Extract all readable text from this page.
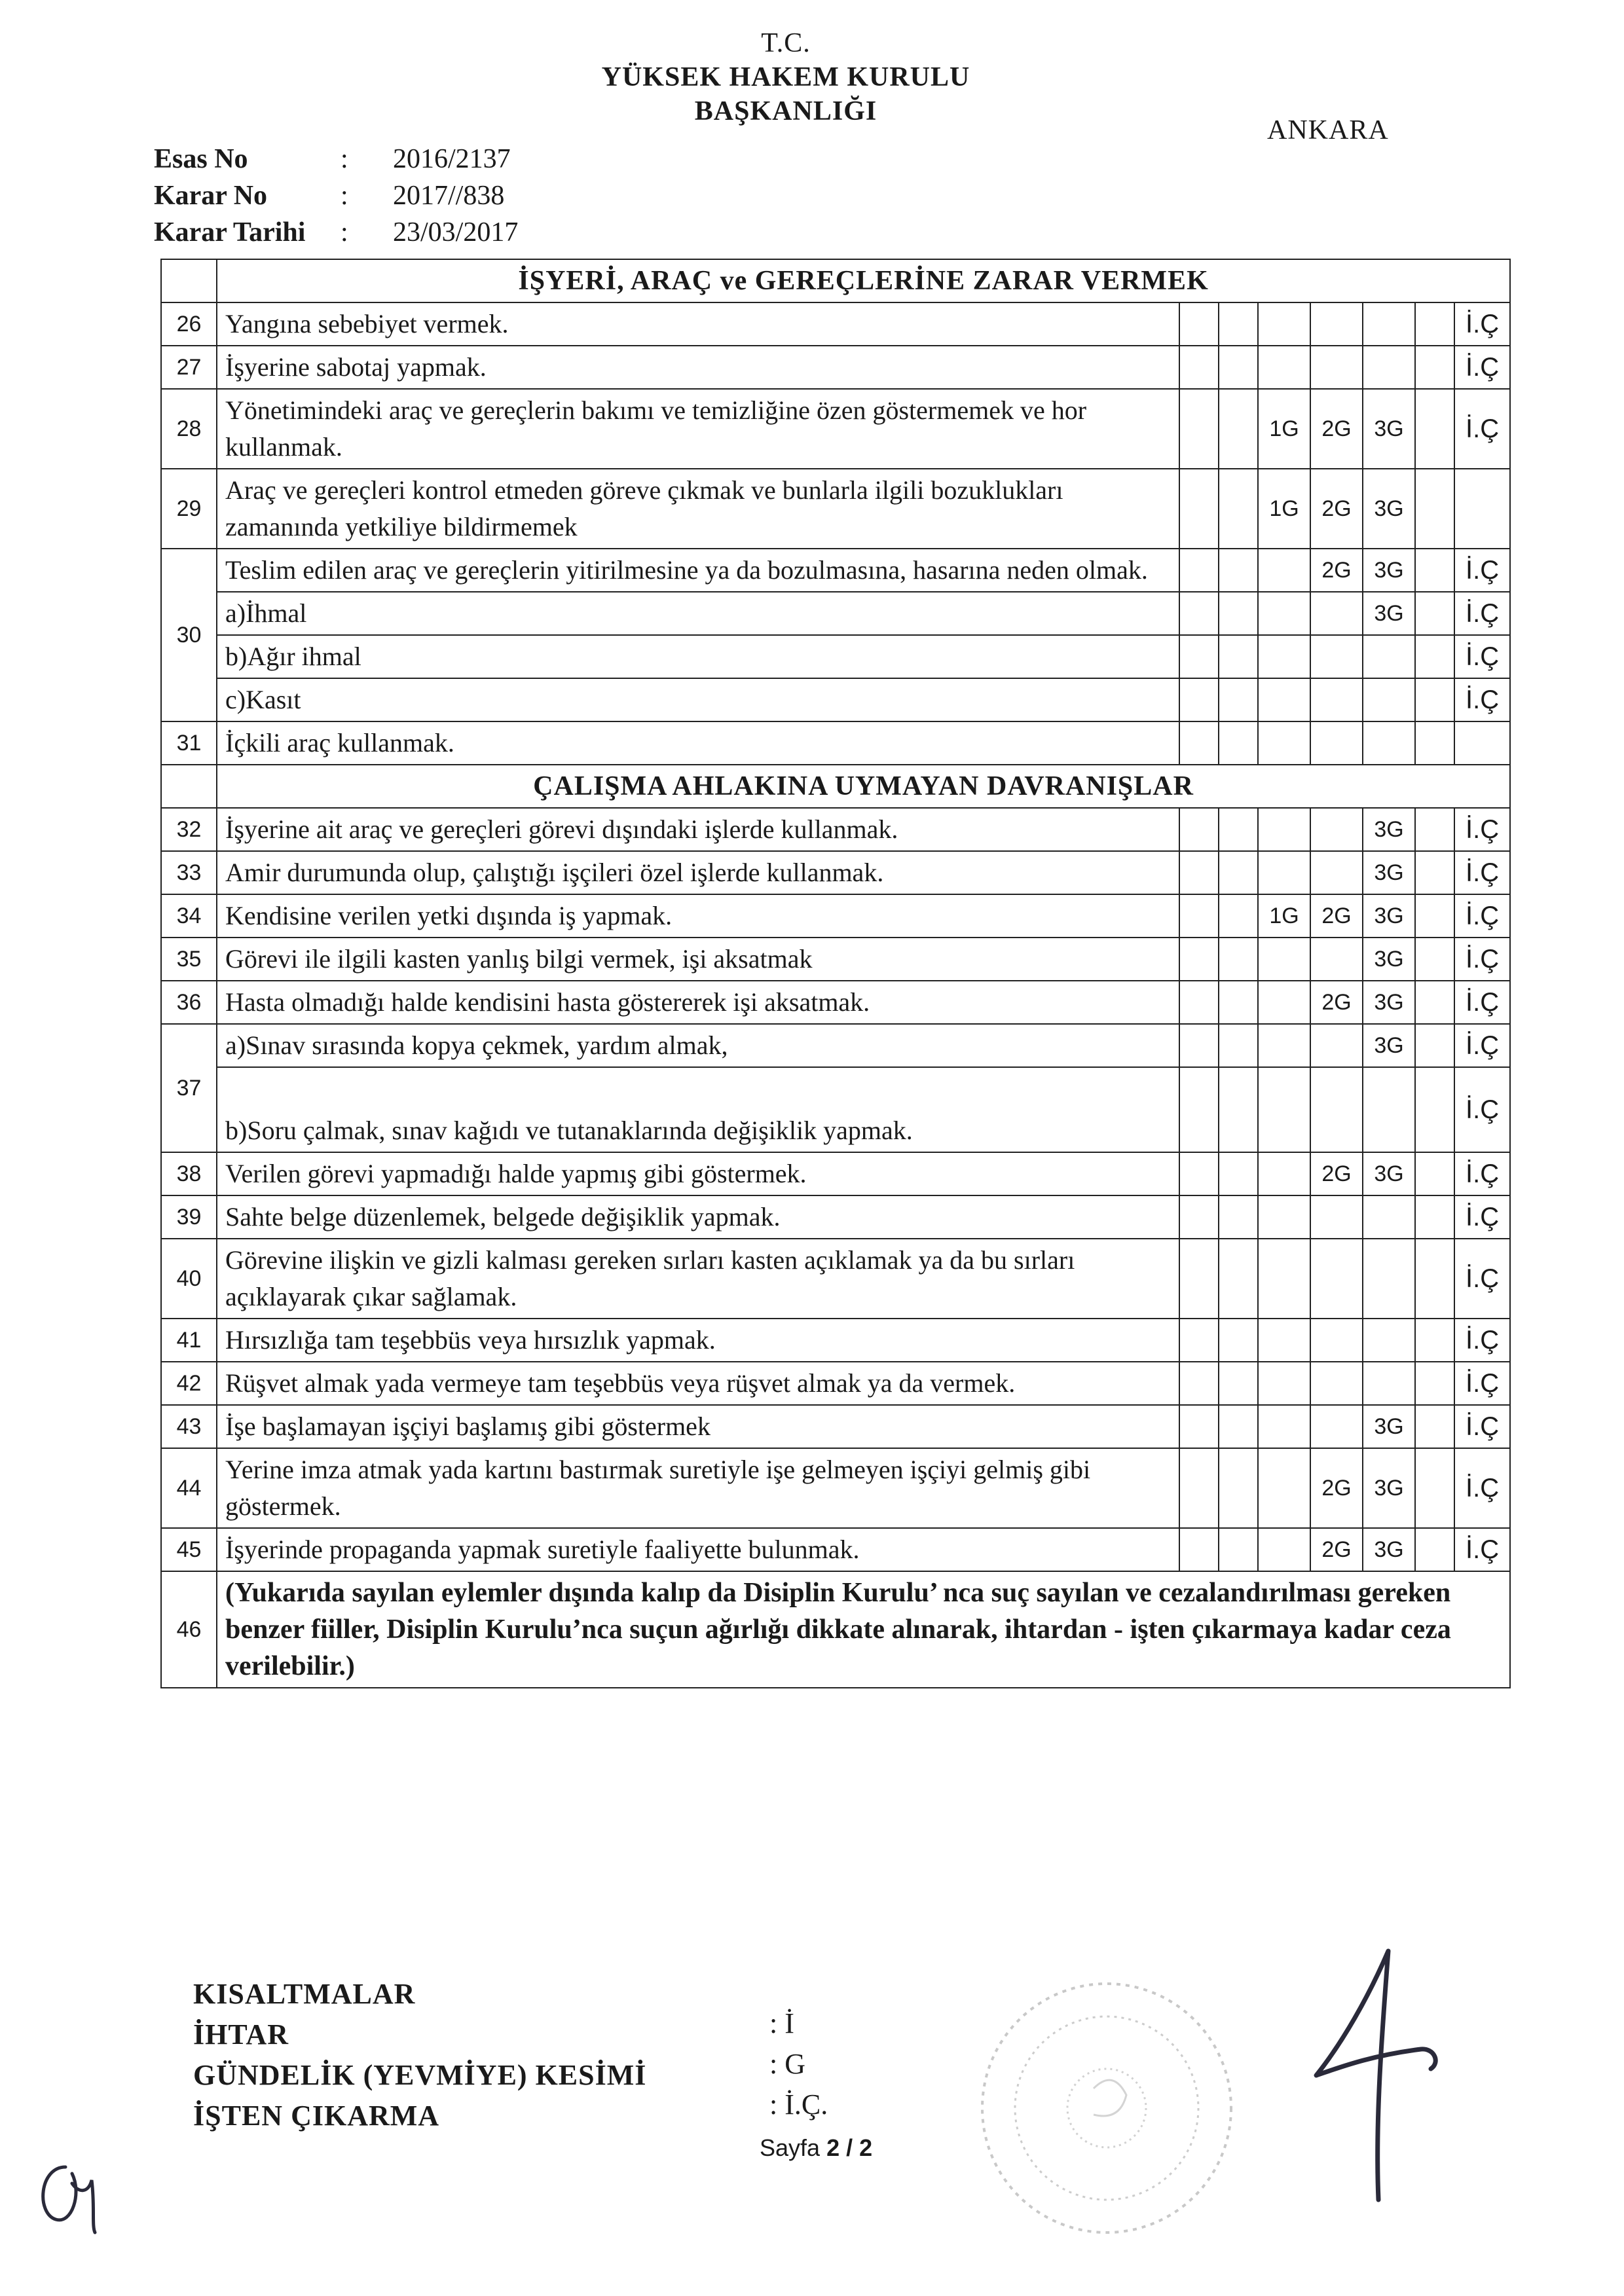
T.C.
YÜKSEK HAKEM KURULU
BAŞKANLIĞI
ANKARA
Esas No	:	2016/2137
Karar No	:	2017//838
Karar Tarihi	:	23/03/2017
	İŞYERİ, ARAÇ ve GEREÇLERİNE ZARAR VERMEK							
26	Yangına sebebiyet vermek.							İ.Ç
27	İşyerine sabotaj yapmak.							İ.Ç
28	Yönetimindeki araç ve gereçlerin bakımı ve temizliğine özen göstermemek ve hor kullanmak.			1G	2G	3G		İ.Ç
29	Araç ve gereçleri kontrol etmeden göreve çıkmak ve bunlarla ilgili bozuklukları zamanında yetkiliye bildirmemek			1G	2G	3G		
30	Teslim edilen araç ve gereçlerin yitirilmesine ya da bozulmasına, hasarına neden olmak.				2G	3G		İ.Ç
	a)İhmal					3G		İ.Ç
	b)Ağır ihmal							İ.Ç
	c)Kasıt							İ.Ç
31	İçkili araç kullanmak.							
	ÇALIŞMA AHLAKINA UYMAYAN DAVRANIŞLAR							
32	İşyerine ait araç ve gereçleri görevi dışındaki işlerde kullanmak.					3G		İ.Ç
33	Amir durumunda olup, çalıştığı işçileri özel işlerde kullanmak.					3G		İ.Ç
34	Kendisine verilen yetki dışında iş yapmak.			1G	2G	3G		İ.Ç
35	Görevi ile ilgili kasten yanlış bilgi vermek, işi aksatmak					3G		İ.Ç
36	Hasta olmadığı halde kendisini hasta göstererek işi aksatmak.				2G	3G		İ.Ç
37	a)Sınav sırasında kopya çekmek, yardım almak,					3G		İ.Ç
	b)Soru çalmak, sınav kağıdı ve tutanaklarında değişiklik yapmak.							İ.Ç
38	Verilen görevi yapmadığı halde yapmış gibi göstermek.				2G	3G		İ.Ç
39	Sahte belge düzenlemek, belgede değişiklik yapmak.							İ.Ç
40	Görevine ilişkin ve gizli kalması gereken sırları kasten açıklamak ya da bu sırları açıklayarak çıkar sağlamak.							İ.Ç
41	Hırsızlığa tam teşebbüs veya hırsızlık yapmak.							İ.Ç
42	Rüşvet almak yada vermeye tam teşebbüs veya rüşvet almak ya da vermek.							İ.Ç
43	İşe başlamayan işçiyi başlamış gibi göstermek					3G		İ.Ç
44	Yerine imza atmak yada kartını bastırmak suretiyle işe gelmeyen işçiyi gelmiş gibi göstermek.				2G	3G		İ.Ç
45	İşyerinde propaganda yapmak suretiyle faaliyette bulunmak.				2G	3G		İ.Ç
46	(Yukarıda sayılan eylemler dışında kalıp da Disiplin Kurulu’ nca suç sayılan ve cezalandırılması gereken benzer fiiller, Disiplin Kurulu’nca suçun ağırlığı dikkate alınarak, ihtardan - işten çıkarmaya kadar ceza verilebilir.)							
KISALTMALAR
İHTAR
GÜNDELİK (YEVMİYE) KESİMİ
İŞTEN ÇIKARMA
: İ
: G
: İ.Ç.
Sayfa 2 / 2
